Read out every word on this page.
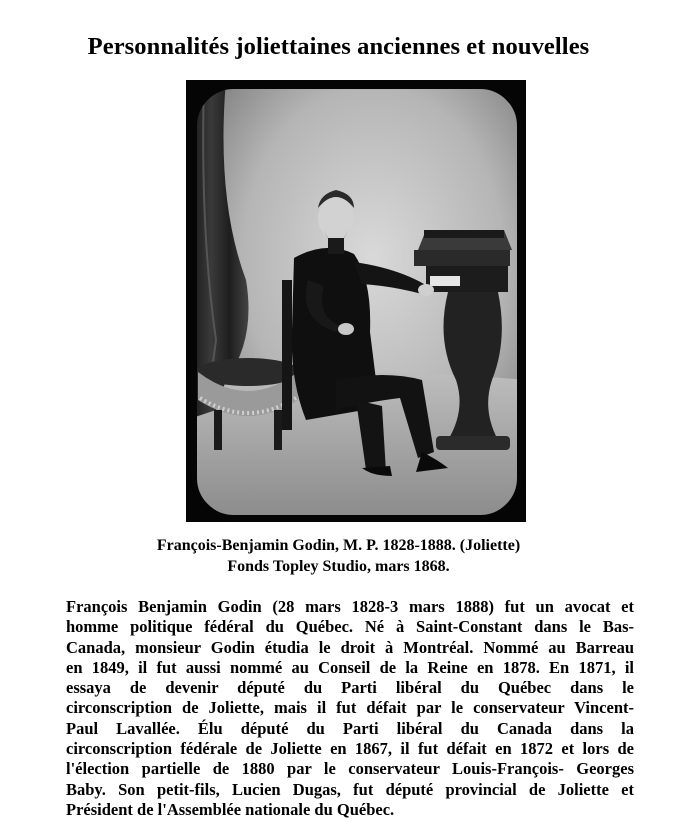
Personnalités joliettaines anciennes et nouvelles
François-Benjamin Godin, M. P. 1828-1888. (Joliette)
Fonds Topley Studio, mars 1868.
François Benjamin Godin (28 mars 1828-3 mars 1888) fut un avocat et
homme politique fédéral du Québec. Né à Saint-Constant dans le Bas-
Canada, monsieur Godin étudia le droit à Montréal. Nommé au Barreau
en 1849, il fut aussi nommé au Conseil de la Reine en 1878. En 1871, il
essaya de devenir député du Parti libéral du Québec dans le
circonscription de Joliette, mais il fut défait par le conservateur Vincent-
Paul Lavallée. Élu député du Parti libéral du Canada dans la
circonscription fédérale de Joliette en 1867, il fut défait en 1872 et lors de
l'élection partielle de 1880 par le conservateur Louis-François- Georges
Baby. Son petit-fils, Lucien Dugas, fut député provincial de Joliette et
Président de l'Assemblée nationale du Québec.
